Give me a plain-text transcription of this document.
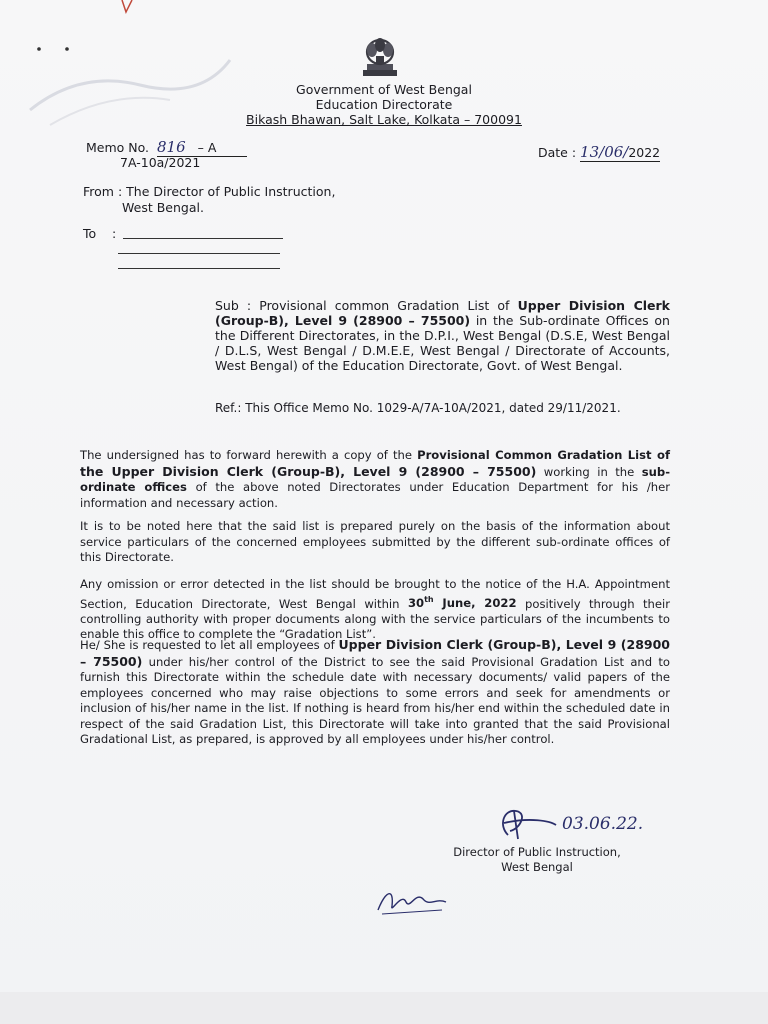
Government of West Bengal
Education Directorate
Bikash Bhawan, Salt Lake, Kolkata – 700091
Memo No. 816 – A
7A-10a/2021
Date : 13/06/2022
From : The Director of Public Instruction,
West Bengal.
To :
Sub : Provisional common Gradation List of Upper Division Clerk (Group-B), Level 9 (28900 – 75500) in the Sub-ordinate Offices on the Different Directorates, in the D.P.I., West Bengal (D.S.E, West Bengal / D.L.S, West Bengal / D.M.E.E, West Bengal / Directorate of Accounts, West Bengal) of the Education Directorate, Govt. of West Bengal.
Ref.: This Office Memo No. 1029-A/7A-10A/2021, dated 29/11/2021.
The undersigned has to forward herewith a copy of the Provisional Common Gradation List of the Upper Division Clerk (Group-B), Level 9 (28900 – 75500) working in the sub-ordinate offices of the above noted Directorates under Education Department for his /her information and necessary action.
It is to be noted here that the said list is prepared purely on the basis of the information about service particulars of the concerned employees submitted by the different sub-ordinate offices of this Directorate.
Any omission or error detected in the list should be brought to the notice of the H.A. Appointment Section, Education Directorate, West Bengal within 30th June, 2022 positively through their controlling authority with proper documents along with the service particulars of the incumbents to enable this office to complete the “Gradation List”.
He/ She is requested to let all employees of Upper Division Clerk (Group-B), Level 9 (28900 – 75500) under his/her control of the District to see the said Provisional Gradation List and to furnish this Directorate within the schedule date with necessary documents/ valid papers of the employees concerned who may raise objections to some errors and seek for amendments or inclusion of his/her name in the list. If nothing is heard from his/her end within the scheduled date in respect of the said Gradation List, this Directorate will take into granted that the said Provisional Gradational List, as prepared, is approved by all employees under his/her control.
03.06.22.
Director of Public Instruction,
West Bengal
